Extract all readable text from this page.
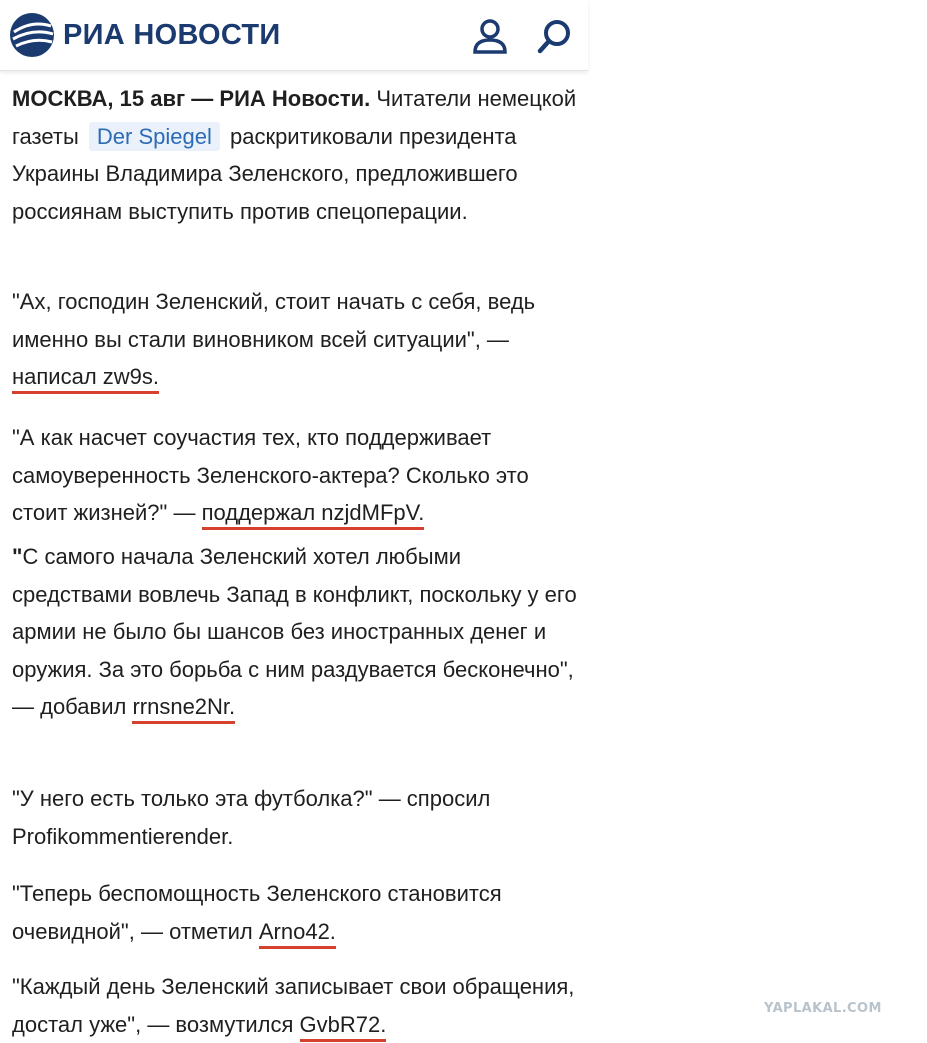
РИА НОВОСТИ

МОСКВА, 15 авг — РИА Новости. Читатели немецкой газеты Der Spiegel раскритиковали президента Украины Владимира Зеленского, предложившего россиянам выступить против спецоперации.

"Ах, господин Зеленский, стоит начать с себя, ведь именно вы стали виновником всей ситуации", — написал zw9s.

"А как насчет соучастия тех, кто поддерживает самоуверенность Зеленского-актера? Сколько это стоит жизней?" — поддержал nzjdMFpV.

"С самого начала Зеленский хотел любыми средствами вовлечь Запад в конфликт, поскольку у его армии не было бы шансов без иностранных денег и оружия. За это борьба с ним раздувается бесконечно", — добавил rrnsne2Nr.

"У него есть только эта футболка?" — спросил Profikommentierender.

"Теперь беспомощность Зеленского становится очевидной", — отметил Arno42.

"Каждый день Зеленский записывает свои обращения, достал уже", — возмутился GvbR72.

YAPLAKAL.COM
